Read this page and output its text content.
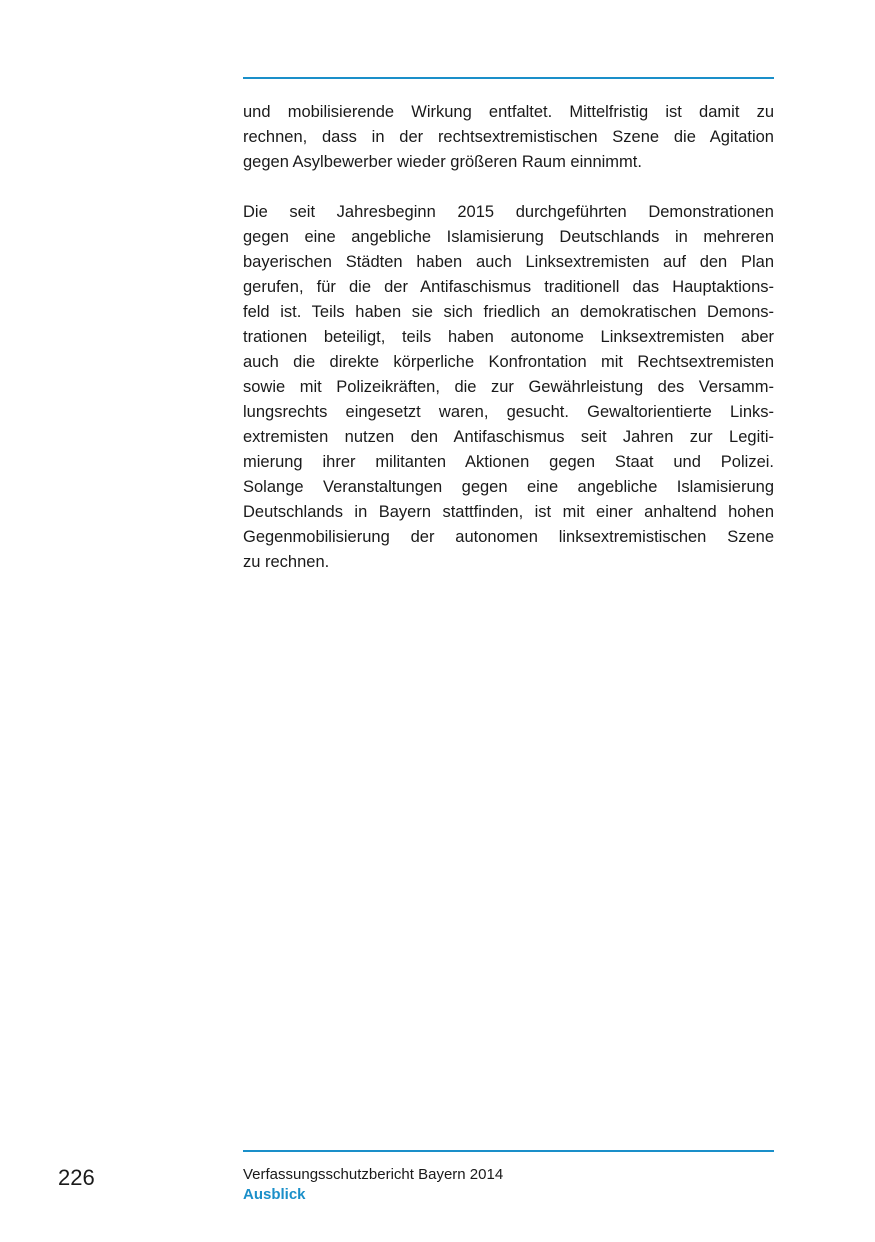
und mobilisierende Wirkung entfaltet. Mittelfristig ist damit zu
rechnen, dass in der rechtsextremistischen Szene die Agitation
gegen Asylbewerber wieder größeren Raum einnimmt.

Die seit Jahresbeginn 2015 durchgeführten Demonstrationen
gegen eine angebliche Islamisierung Deutschlands in mehreren
bayerischen Städten haben auch Linksextremisten auf den Plan
gerufen, für die der Antifaschismus traditionell das Hauptaktions-
feld ist. Teils haben sie sich friedlich an demokratischen Demons-
trationen beteiligt, teils haben autonome Linksextremisten aber
auch die direkte körperliche Konfrontation mit Rechtsextremisten
sowie mit Polizeikräften, die zur Gewährleistung des Versamm-
lungsrechts eingesetzt waren, gesucht. Gewaltorientierte Links-
extremisten nutzen den Antifaschismus seit Jahren zur Legiti-
mierung ihrer militanten Aktionen gegen Staat und Polizei.
Solange Veranstaltungen gegen eine angebliche Islamisierung
Deutschlands in Bayern stattfinden, ist mit einer anhaltend hohen
Gegenmobilisierung der autonomen linksextremistischen Szene
zu rechnen.

226	Verfassungsschutzbericht Bayern 2014
Ausblick
